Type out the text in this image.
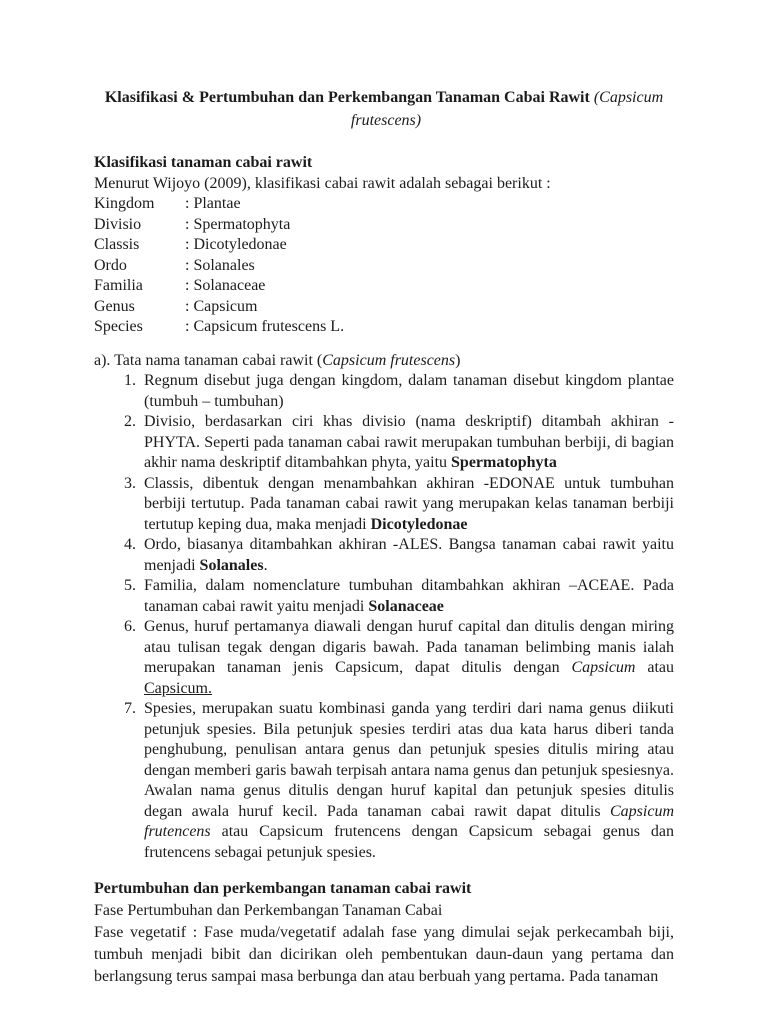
Klasifikasi & Pertumbuhan dan Perkembangan Tanaman Cabai Rawit (Capsicum
frutescens)
Klasifikasi tanaman cabai rawit
Menurut Wijoyo (2009), klasifikasi cabai rawit adalah sebagai berikut :
Kingdom : Plantae
Divisio	: Spermatophyta
Classis	: Dicotyledonae
Ordo	: Solanales
Familia	: Solanaceae
Genus	: Capsicum
Species	: Capsicum frutescens L.
a). Tata nama tanaman cabai rawit (Capsicum frutescens)
1. Regnum disebut juga dengan kingdom, dalam tanaman disebut kingdom plantae (tumbuh – tumbuhan)
2. Divisio, berdasarkan ciri khas divisio (nama deskriptif) ditambah akhiran - PHYTA. Seperti pada tanaman cabai rawit merupakan tumbuhan berbiji, di bagian akhir nama deskriptif ditambahkan phyta, yaitu Spermatophyta
3. Classis, dibentuk dengan menambahkan akhiran -EDONAE untuk tumbuhan berbiji tertutup. Pada tanaman cabai rawit yang merupakan kelas tanaman berbiji tertutup keping dua, maka menjadi Dicotyledonae
4. Ordo, biasanya ditambahkan akhiran -ALES. Bangsa tanaman cabai rawit yaitu menjadi Solanales.
5. Familia, dalam nomenclature tumbuhan ditambahkan akhiran –ACEAE. Pada tanaman cabai rawit yaitu menjadi Solanaceae
6. Genus, huruf pertamanya diawali dengan huruf capital dan ditulis dengan miring atau tulisan tegak dengan digaris bawah. Pada tanaman belimbing manis ialah merupakan tanaman jenis Capsicum, dapat ditulis dengan Capsicum atau Capsicum.
7. Spesies, merupakan suatu kombinasi ganda yang terdiri dari nama genus diikuti petunjuk spesies. Bila petunjuk spesies terdiri atas dua kata harus diberi tanda penghubung, penulisan antara genus dan petunjuk spesies ditulis miring atau dengan memberi garis bawah terpisah antara nama genus dan petunjuk spesiesnya. Awalan nama genus ditulis dengan huruf kapital dan petunjuk spesies ditulis degan awala huruf kecil. Pada tanaman cabai rawit dapat ditulis Capsicum frutencens atau Capsicum frutencens dengan Capsicum sebagai genus dan frutencens sebagai petunjuk spesies.
Pertumbuhan dan perkembangan tanaman cabai rawit
Fase Pertumbuhan dan Perkembangan Tanaman Cabai
Fase vegetatif : Fase muda/vegetatif adalah fase yang dimulai sejak perkecambah biji, tumbuh menjadi bibit dan dicirikan oleh pembentukan daun-daun yang pertama dan berlangsung terus sampai masa berbunga dan atau berbuah yang pertama. Pada tanaman
